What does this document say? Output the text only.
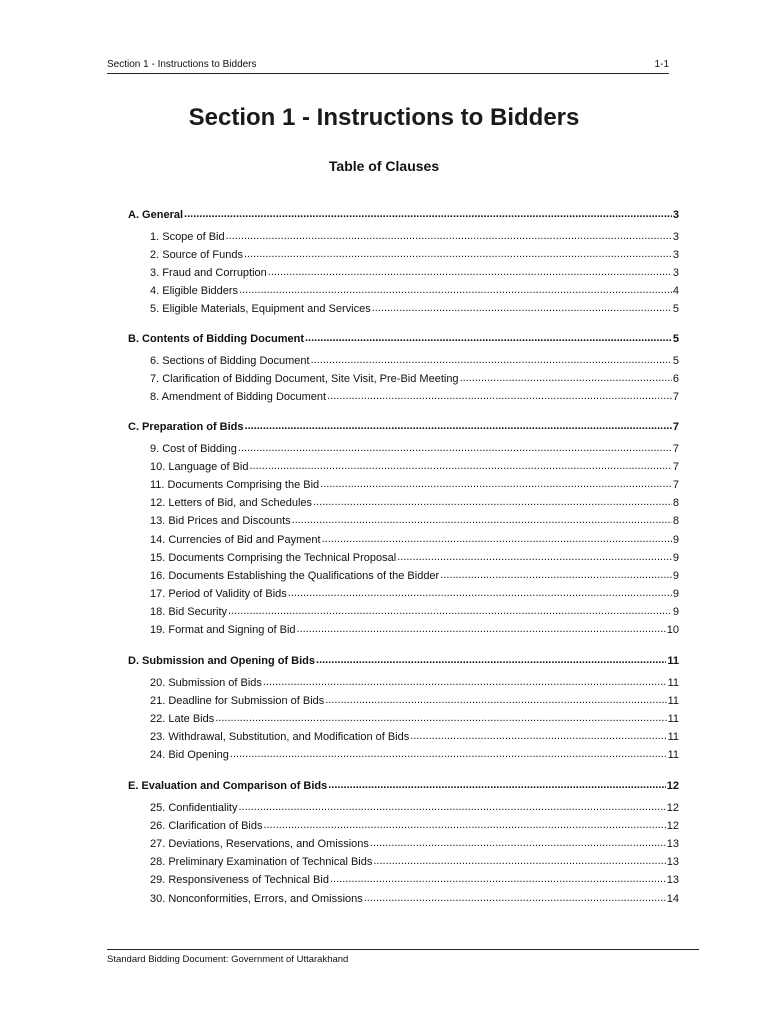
Section 1 - Instructions to Bidders	1-1
Section 1 - Instructions to Bidders
Table of Clauses
A. General .....	3
1. Scope of Bid .....	3
2. Source of Funds .....	3
3. Fraud and Corruption .....	3
4. Eligible Bidders .....	4
5. Eligible Materials, Equipment and Services .....	5
B. Contents of Bidding Document .....	5
6. Sections of Bidding Document .....	5
7. Clarification of Bidding Document, Site Visit, Pre-Bid Meeting .....	6
8. Amendment of Bidding Document .....	7
C. Preparation of Bids .....	7
9. Cost of Bidding .....	7
10. Language of Bid .....	7
11. Documents Comprising the Bid .....	7
12. Letters of Bid, and Schedules .....	8
13. Bid Prices and Discounts .....	8
14. Currencies of Bid and Payment .....	9
15. Documents Comprising the Technical Proposal .....	9
16. Documents Establishing the Qualifications of the Bidder .....	9
17. Period of Validity of Bids .....	9
18. Bid Security .....	9
19. Format and Signing of Bid .....	10
D. Submission and Opening of Bids .....	11
20. Submission of Bids .....	11
21. Deadline for Submission of Bids .....	11
22. Late Bids .....	11
23. Withdrawal, Substitution, and Modification of Bids .....	11
24. Bid Opening .....	11
E. Evaluation and Comparison of Bids .....	12
25. Confidentiality .....	12
26. Clarification of Bids .....	12
27. Deviations, Reservations, and Omissions .....	13
28. Preliminary Examination of Technical Bids .....	13
29. Responsiveness of Technical Bid .....	13
30. Nonconformities, Errors, and Omissions .....	14
Standard Bidding Document: Government of Uttarakhand
